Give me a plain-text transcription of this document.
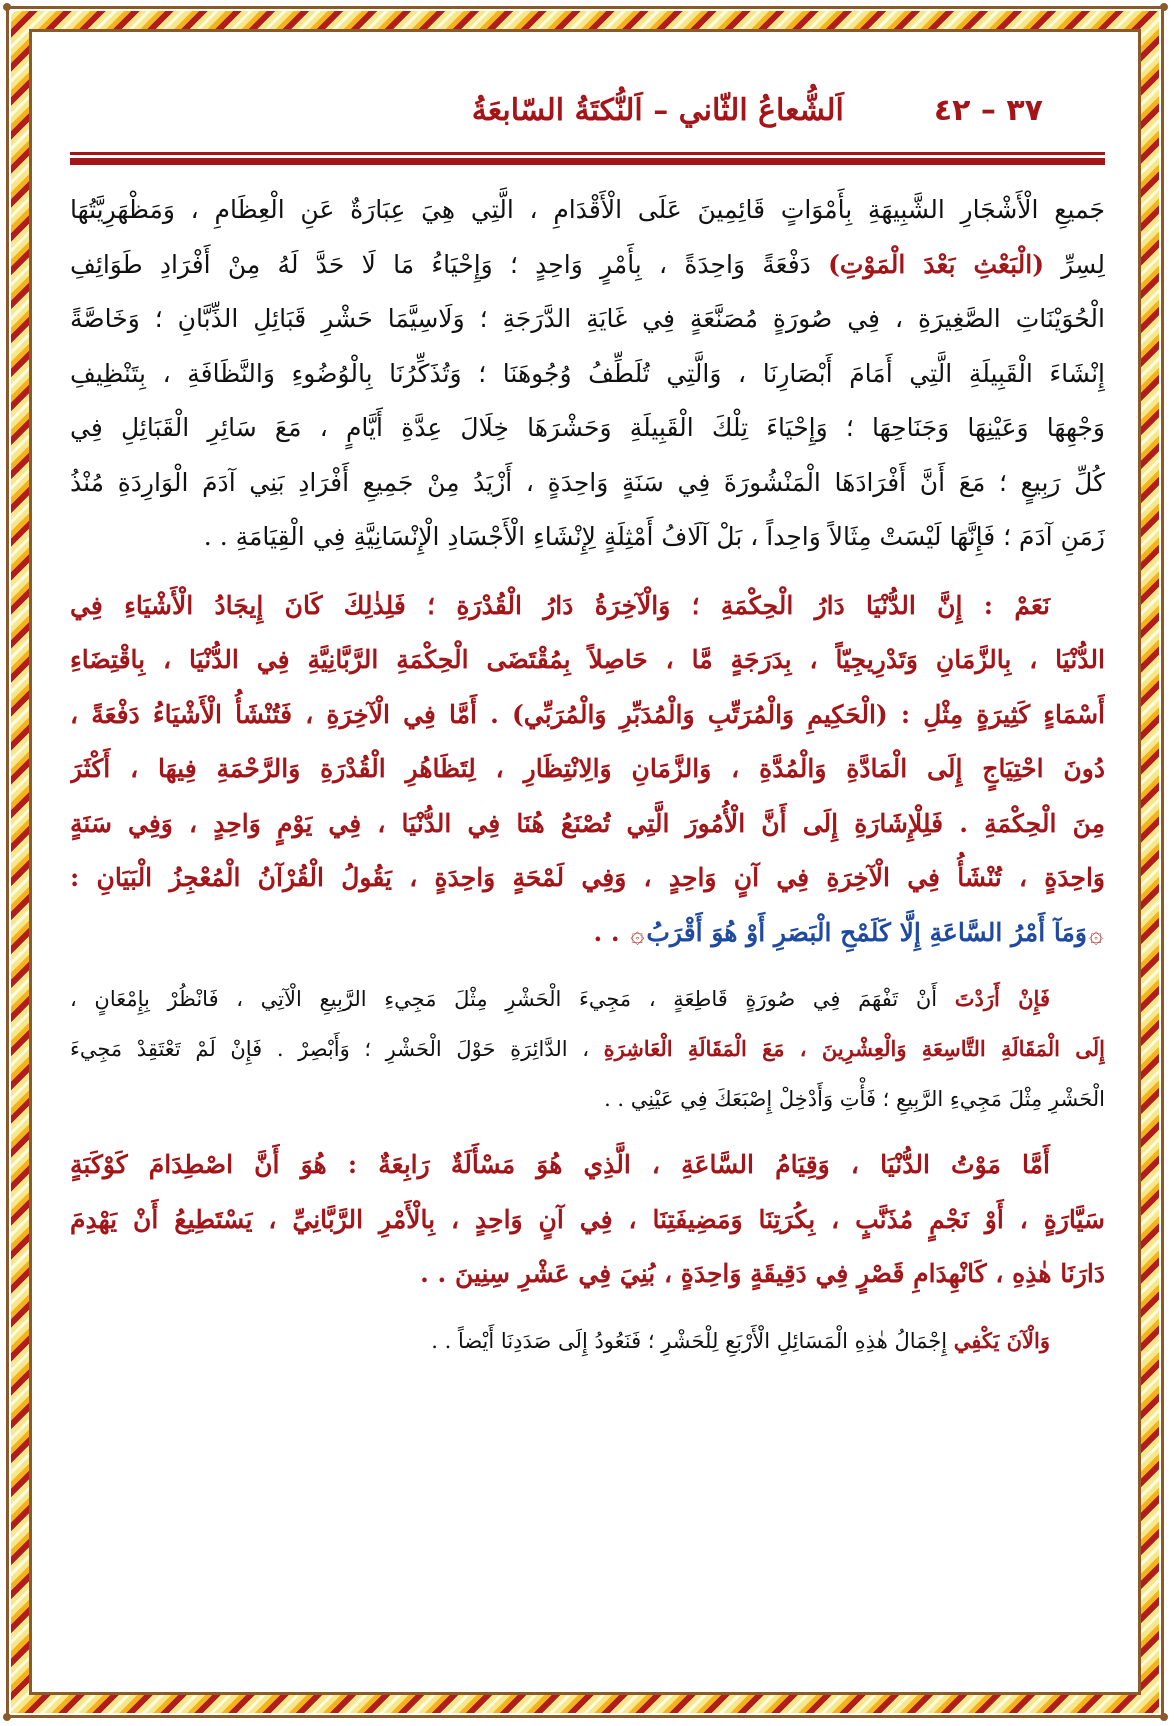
٣٧ – ٤٢
اَلشُّعاعُ الثّاني – اَلنُّكتَةُ السّابعَةُ
جَميعِ الْأَشْجَارِ الشَّبِيهَةِ بِأَمْوَاتٍ قَائِمِينَ عَلَى الْأَقْدَامِ ، الَّتِي هِيَ عِبَارَةٌ عَنِ الْعِظَامِ ، وَمَظْهَرِيَّتُهَا
لِسِرِّ (الْبَعْثِ بَعْدَ الْمَوْتِ) دَفْعَةً وَاحِدَةً ، بِأَمْرٍ وَاحِدٍ ؛ وَإِحْيَاءُ مَا لَا حَدَّ لَهُ مِنْ أَفْرَادِ طَوَائِفِ
الْحُوَيْنَاتِ الصَّغِيرَةِ ، فِي صُورَةٍ مُصَنَّعَةٍ فِي غَايَةِ الدَّرَجَةِ ؛ وَلَاسِيَّمَا حَشْرِ قَبَائِلِ الذِّبَّانِ ؛ وَخَاصَّةً
إِنْشَاءَ الْقَبِيلَةِ الَّتِي أَمَامَ أَبْصَارِنَا ، وَالَّتِي تُلَطِّفُ وُجُوهَنَا ؛ وَتُذَكِّرُنَا بِالْوُضُوءِ وَالنَّظَافَةِ ، بِتَنْظِيفِ
وَجْهِهَا وَعَيْنِهَا وَجَنَاحِهَا ؛ وَإِحْيَاءَ تِلْكَ الْقَبِيلَةِ وَحَشْرَهَا خِلَالَ عِدَّةِ أَيَّامٍ ، مَعَ سَائِرِ الْقَبَائِلِ فِي
كُلِّ رَبِيعٍ ؛ مَعَ أَنَّ أَفْرَادَهَا الْمَنْشُورَةَ فِي سَنَةٍ وَاحِدَةٍ ، أَزْيَدُ مِنْ جَمِيعِ أَفْرَادِ بَنِي آدَمَ الْوَارِدَةِ مُنْذُ
زَمَنِ آدَمَ ؛ فَإِنَّهَا لَيْسَتْ مِثَالاً وَاحِداً ، بَلْ آلَافُ أَمْثِلَةٍ لِإِنْشَاءِ الْأَجْسَادِ الْإِنْسَانِيَّةِ فِي الْقِيَامَةِ . .
نَعَمْ : إِنَّ الدُّنْيَا دَارُ الْحِكْمَةِ ؛ وَالْآخِرَةُ دَارُ الْقُدْرَةِ ؛ فَلِذٰلِكَ كَانَ إِيجَادُ الْأَشْيَاءِ فِي
الدُّنْيَا ، بِالزَّمَانِ وَتَدْرِيجِيّاً ، بِدَرَجَةٍ مَّا ، حَاصِلاً بِمُقْتَضَى الْحِكْمَةِ الرَّبَّانِيَّةِ فِي الدُّنْيَا ، بِاقْتِضَاءِ
أَسْمَاءٍ كَثِيرَةٍ مِثْلِ : (الْحَكِيمِ وَالْمُرَتِّبِ وَالْمُدَبِّرِ وَالْمُرَبِّي) . أَمَّا فِي الْآخِرَةِ ، فَتُنْشَأُ الْأَشْيَاءُ دَفْعَةً ،
دُونَ احْتِيَاجٍ إِلَى الْمَادَّةِ وَالْمُدَّةِ ، وَالزَّمَانِ وَالِانْتِظَارِ ، لِتَظَاهُرِ الْقُدْرَةِ وَالرَّحْمَةِ فِيهَا ، أَكْثَرَ
مِنَ الْحِكْمَةِ . فَلِلْإِشَارَةِ إِلَى أَنَّ الْأُمُورَ الَّتِي تُصْنَعُ هُنَا فِي الدُّنْيَا ، فِي يَوْمٍ وَاحِدٍ ، وَفِي سَنَةٍ
وَاحِدَةٍ ، تُنْشَأُ فِي الْآخِرَةِ فِي آنٍ وَاحِدٍ ، وَفِي لَمْحَةٍ وَاحِدَةٍ ، يَقُولُ الْقُرْآنُ الْمُعْجِزُ الْبَيَانِ :
۞وَمَآ أَمْرُ السَّاعَةِ إِلَّا كَلَمْحِ الْبَصَرِ أَوْ هُوَ أَقْرَبُ۞ . .
فَإِنْ أَرَدْتَ أَنْ تَفْهَمَ فِي صُورَةٍ قَاطِعَةٍ ، مَجِيءَ الْحَشْرِ مِثْلَ مَجِيءِ الرَّبِيعِ الْآتِي ، فَانْظُرْ بِإِمْعَانٍ ،
إِلَى الْمَقَالَةِ التَّاسِعَةِ وَالْعِشْرِينَ ، مَعَ الْمَقَالَةِ الْعَاشِرَةِ ، الدَّائِرَةِ حَوْلَ الْحَشْرِ ؛ وَأَبْصِرْ . فَإِنْ لَمْ تَعْتَقِدْ مَجِيءَ
الْحَشْرِ مِثْلَ مَجِيءِ الرَّبِيعِ ؛ فَأْتِ وَأَدْخِلْ إِصْبَعَكَ فِي عَيْنِي . .
أَمَّا مَوْتُ الدُّنْيَا ، وَقِيَامُ السَّاعَةِ ، الَّذِي هُوَ مَسْأَلَةٌ رَابِعَةٌ : هُوَ أَنَّ اصْطِدَامَ كَوْكَبَةٍ
سَيَّارَةٍ ، أَوْ نَجْمٍ مُذَنَّبٍ ، بِكُرَتِنَا وَمَضِيفَتِنَا ، فِي آنٍ وَاحِدٍ ، بِالْأَمْرِ الرَّبَّانِيِّ ، يَسْتَطِيعُ أَنْ يَهْدِمَ
دَارَنَا هٰذِهِ ، كَانْهِدَامِ قَصْرٍ فِي دَقِيقَةٍ وَاحِدَةٍ ، بُنِيَ فِي عَشْرِ سِنِينَ . .
وَالْآنَ يَكْفِي إِجْمَالُ هٰذِهِ الْمَسَائِلِ الْأَرْبَعِ لِلْحَشْرِ ؛ فَنَعُودُ إِلَى صَدَدِنَا أَيْضاً . .
